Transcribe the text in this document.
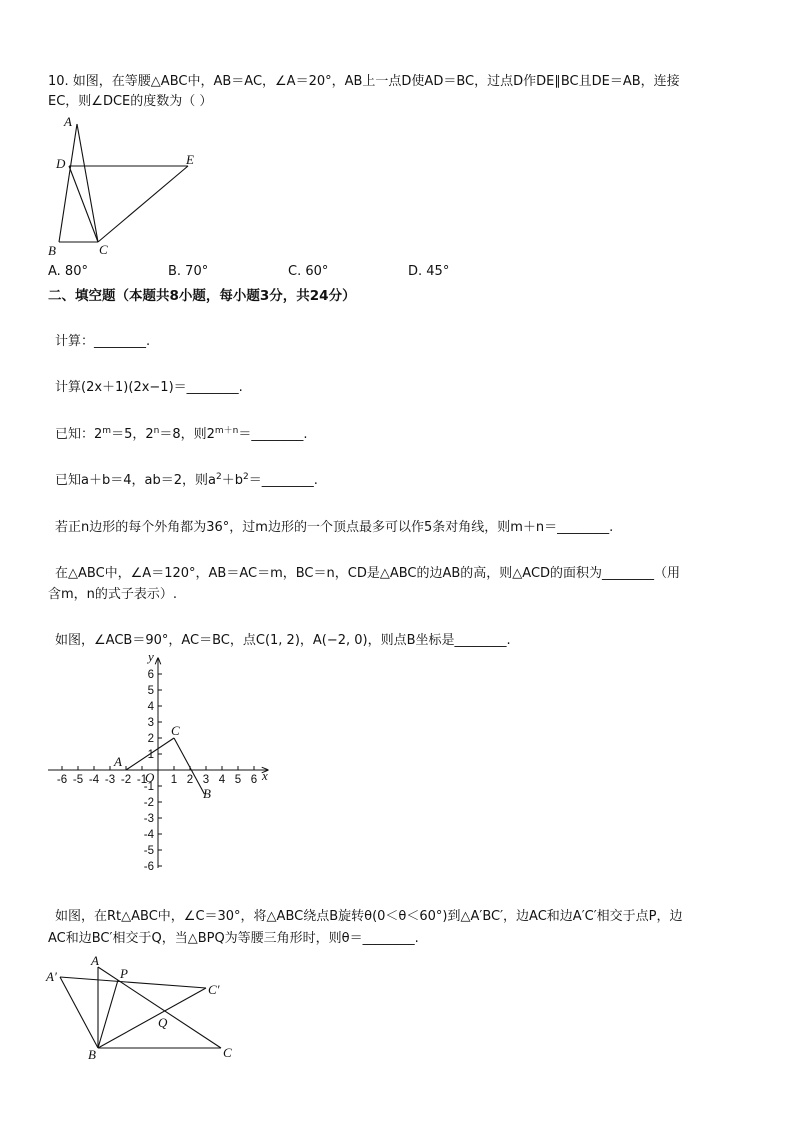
10. 如图，在等腰△ABC中，AB＝AC，∠A＝20°，AB上一点D使AD＝BC，过点D作DE∥BC且DE＝AB，连接
EC，则∠DCE的度数为（ ）
A
D	E
B	C
A. 80°	B. 70°	C. 60°	D. 45°
二、填空题（本题共8小题，每小题3分，共24分）
计算：________.
计算(2x＋1)(2x−1)＝________.
已知：$2^m=5$，$2^n=8$，则$2^{m+n}=\_\_\_\_\_\_\_\_$.
已知a＋b＝4，ab＝2，则$a^2+b^2=\_\_\_\_\_\_\_\_$.
若正n边形的每个外角都为36°，过m边形的一个顶点最多可以作5条对角线，则m＋n＝________.
在△ABC中，∠A＝120°，AB＝AC＝m，BC＝n，CD是△ABC的边AB的高，则△ACD的面积为________（用
含m，n的式子表示）.
如图，∠ACB＝90°，AC＝BC，点C(1, 2)，A(−2, 0)，则点B坐标是________.
-6 -5 -4 -3 -2 -1 1 2 3 4 5 6
-6
-5
-4
-3
-2
-1
1
2
3
4
5
6
x
y
O
A
C
B
如图，在Rt△ABC中，∠C＝30°，将△ABC绕点B旋转θ(0＜θ＜60°)到△A′BC′，边AC和边A′C′相交于点P，边
AC和边BC′相交于Q，当△BPQ为等腰三角形时，则θ＝________.
A
A′	P
C′
Q
B	C
